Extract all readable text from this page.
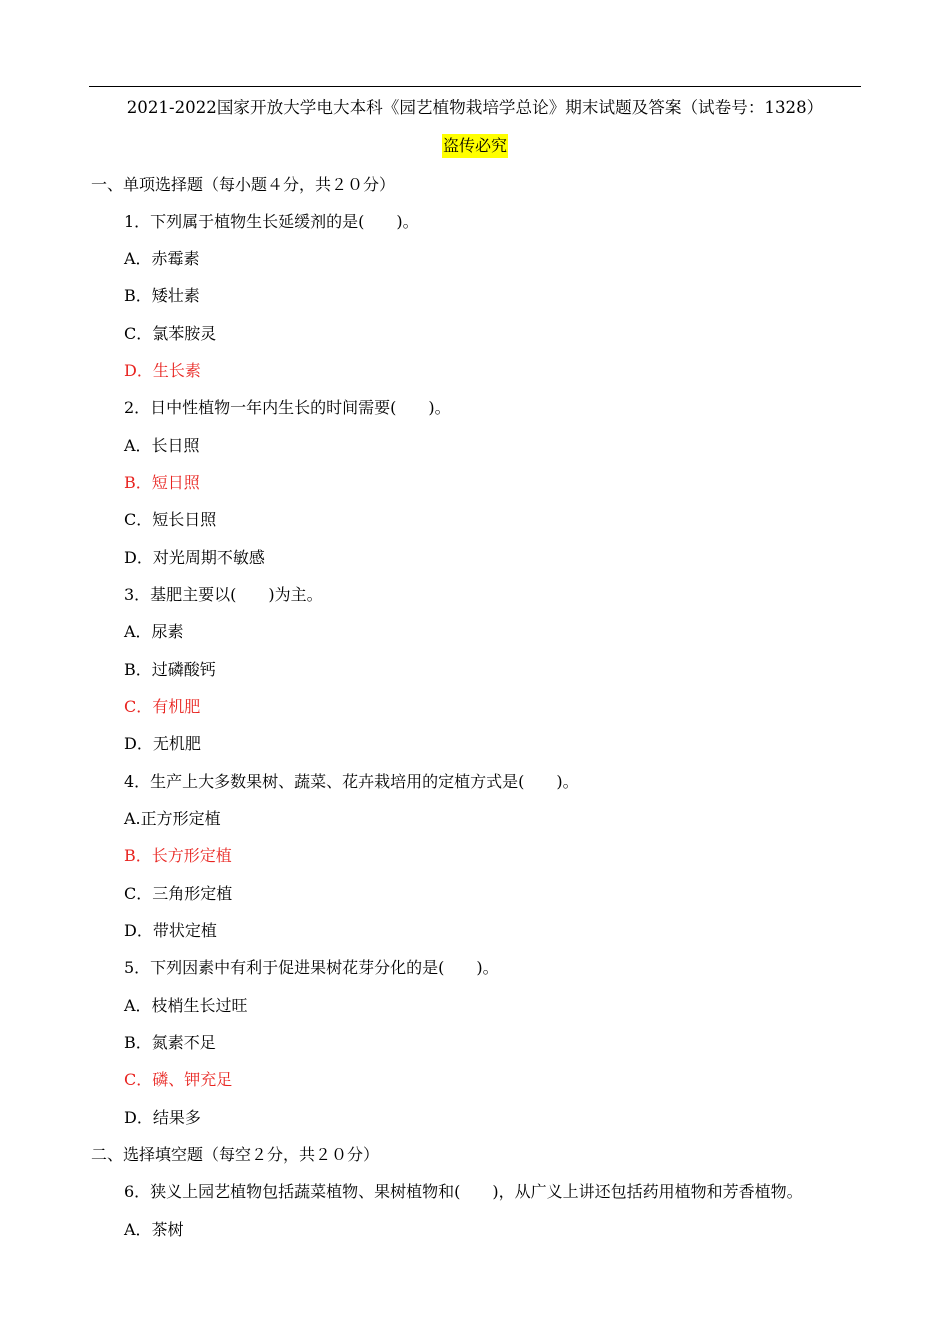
2021-2022国家开放大学电大本科《园艺植物栽培学总论》期末试题及答案（试卷号：1328）
盗传必究
一、单项选择题（每小题４分，共２０分）
1．下列属于植物生长延缓剂的是(　　)。
A．赤霉素
B．矮壮素
C．氯苯胺灵
D．生长素
2．日中性植物一年内生长的时间需要(　　)。
A．长日照
B．短日照
C．短长日照
D．对光周期不敏感
3．基肥主要以(　　)为主。
A．尿素
B．过磷酸钙
C．有机肥
D．无机肥
4．生产上大多数果树、蔬菜、花卉栽培用的定植方式是(　　)。
A.正方形定植
B．长方形定植
C．三角形定植
D．带状定植
5．下列因素中有利于促进果树花芽分化的是(　　)。
A．枝梢生长过旺
B．氮素不足
C．磷、钾充足
D．结果多
二、选择填空题（每空２分，共２０分）
6．狭义上园艺植物包括蔬菜植物、果树植物和(　　)，从广义上讲还包括药用植物和芳香植物。
A．茶树
